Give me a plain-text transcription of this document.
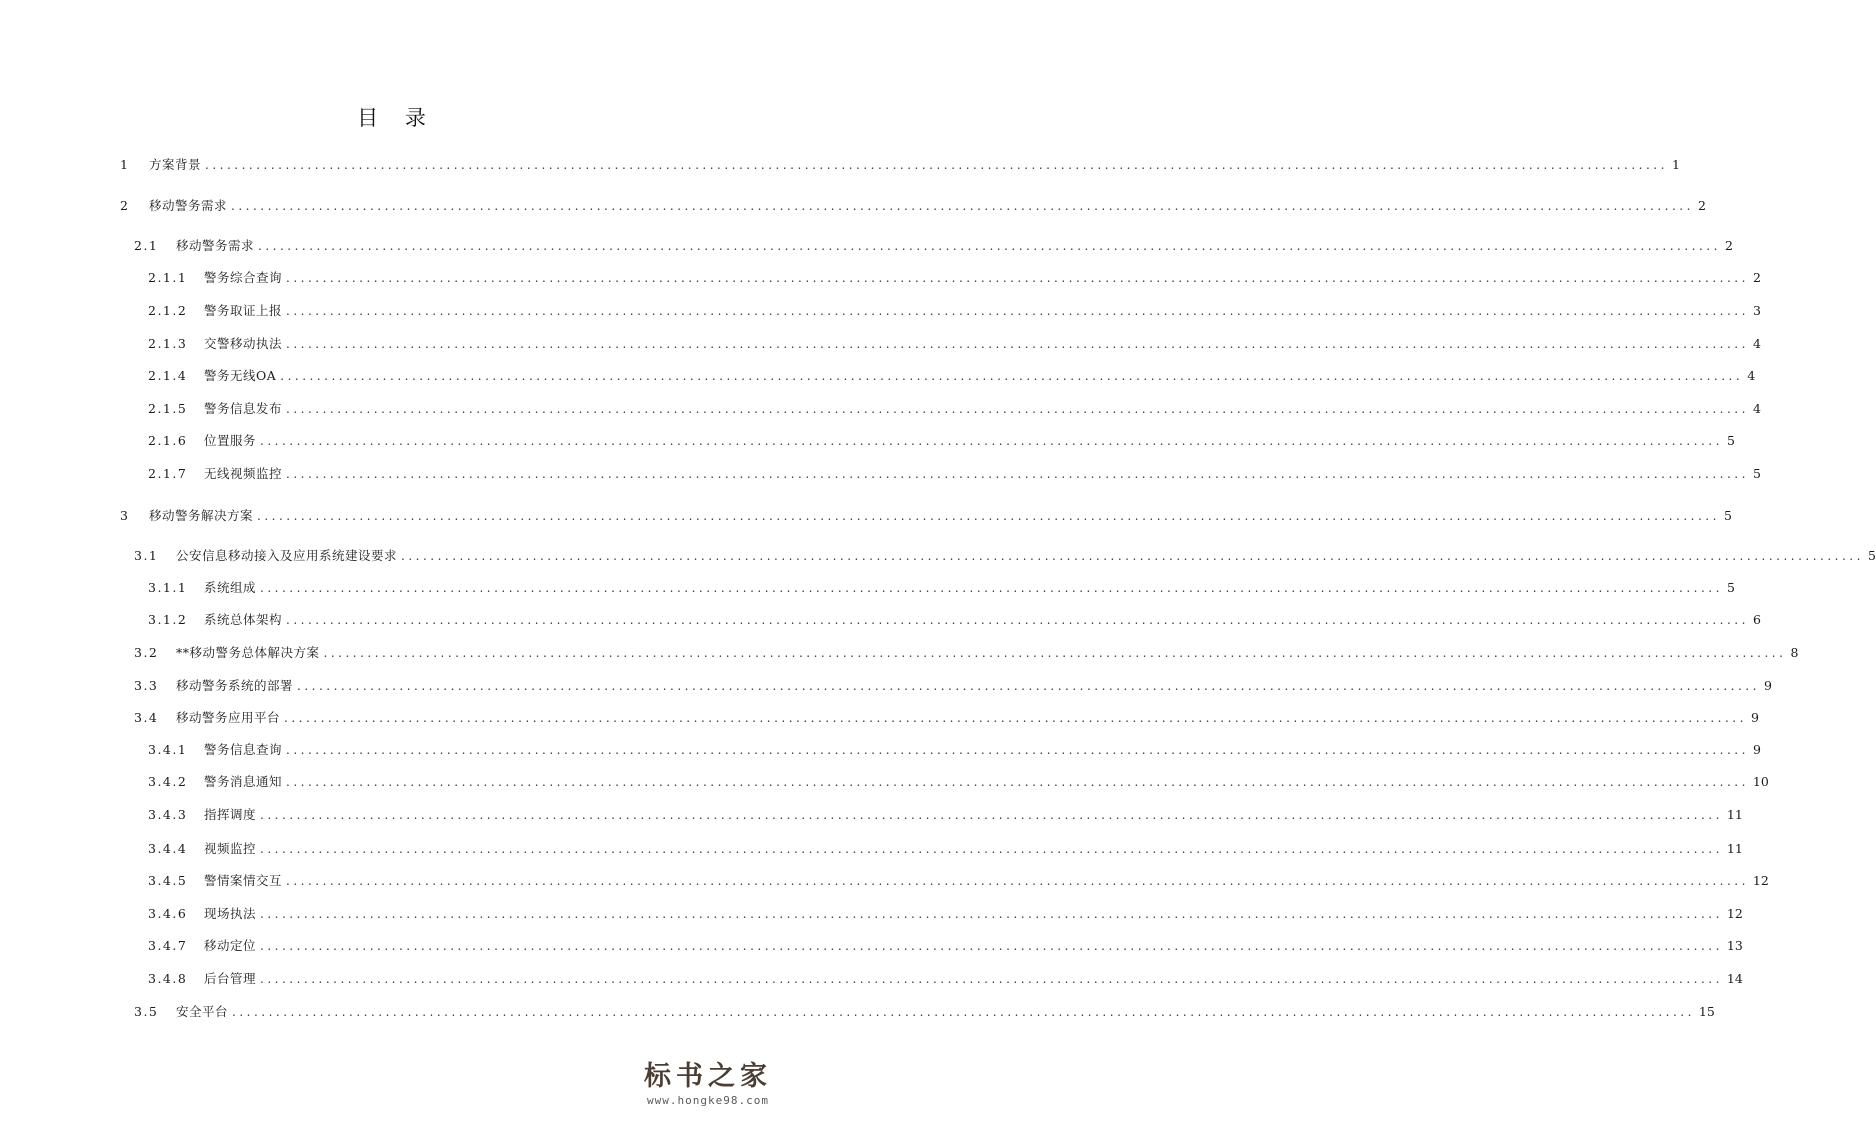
目 录
1	方案背景 ........................................................................................................................................................................................................ 1
2	移动警务需求 ........................................................................................................................................................................................................ 2
2.1	移动警务需求 ........................................................................................................................................................................................................ 2
2.1.1	警务综合查询 ........................................................................................................................................................................................................ 2
2.1.2	警务取证上报 ........................................................................................................................................................................................................ 3
2.1.3	交警移动执法 ........................................................................................................................................................................................................ 4
2.1.4	警务无线OA ........................................................................................................................................................................................................ 4
2.1.5	警务信息发布 ........................................................................................................................................................................................................ 4
2.1.6	位置服务 ........................................................................................................................................................................................................ 5
2.1.7	无线视频监控 ........................................................................................................................................................................................................ 5
3	移动警务解决方案 ........................................................................................................................................................................................................ 5
3.1	公安信息移动接入及应用系统建设要求 ........................................................................................................................................................................................................ 5
3.1.1	系统组成 ........................................................................................................................................................................................................ 5
3.1.2	系统总体架构 ........................................................................................................................................................................................................ 6
3.2	**移动警务总体解决方案 ........................................................................................................................................................................................................ 8
3.3	移动警务系统的部署 ........................................................................................................................................................................................................ 9
3.4	移动警务应用平台 ........................................................................................................................................................................................................ 9
3.4.1	警务信息查询 ........................................................................................................................................................................................................ 9
3.4.2	警务消息通知 ........................................................................................................................................................................................................ 10
3.4.3	指挥调度 ........................................................................................................................................................................................................ 11
3.4.4	视频监控 ........................................................................................................................................................................................................ 11
3.4.5	警情案情交互 ........................................................................................................................................................................................................ 12
3.4.6	现场执法 ........................................................................................................................................................................................................ 12
3.4.7	移动定位 ........................................................................................................................................................................................................ 13
3.4.8	后台管理 ........................................................................................................................................................................................................ 14
3.5	安全平台 ........................................................................................................................................................................................................ 15
标书之家
www.hongke98.com
